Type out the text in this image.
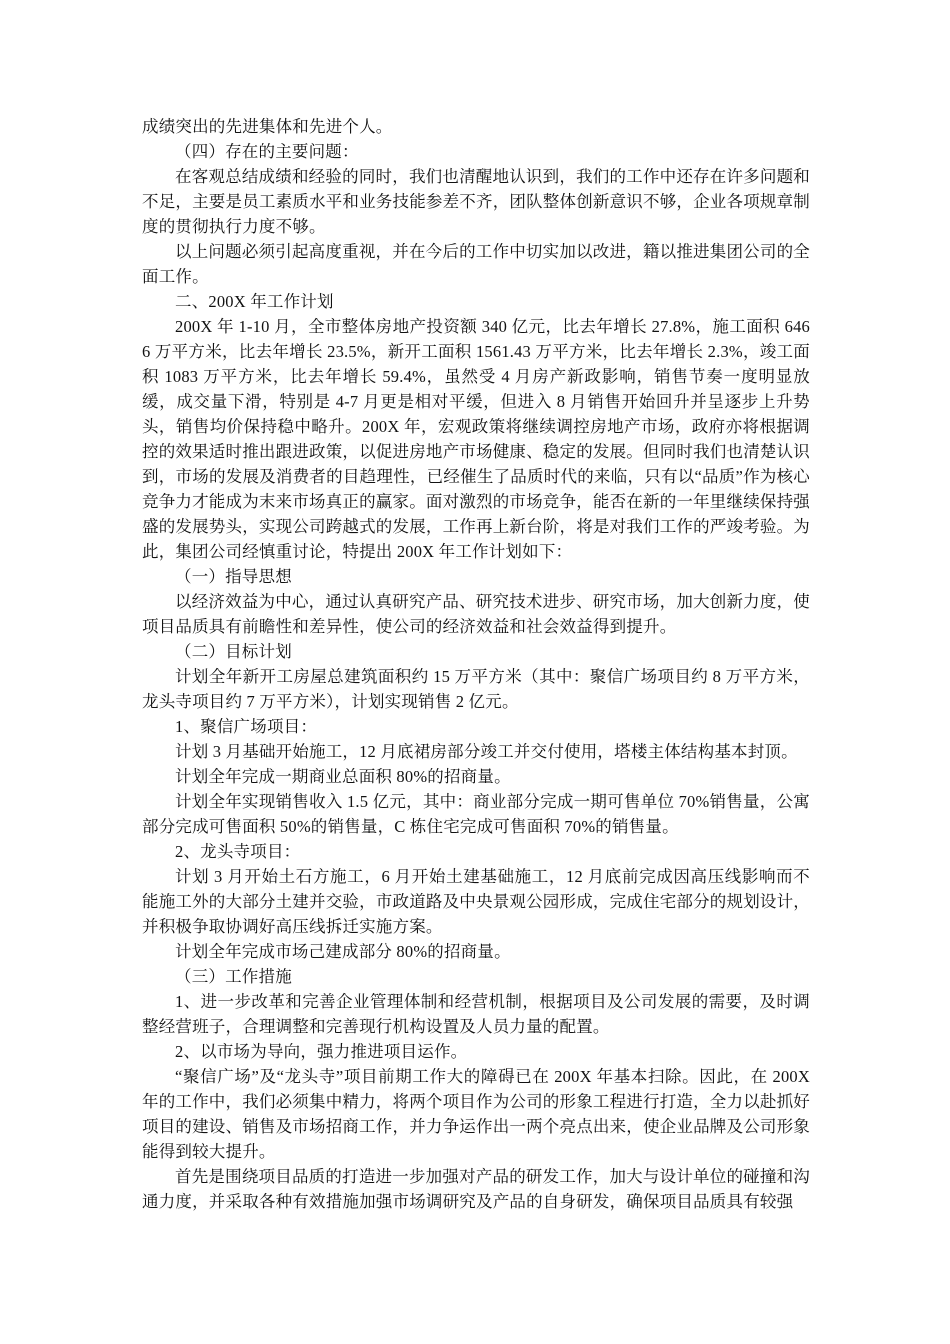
成绩突出的先进集体和先进个人。

（四）存在的主要问题：

在客观总结成绩和经验的同时，我们也清醒地认识到，我们的工作中还存在许多问题和不足，主要是员工素质水平和业务技能参差不齐，团队整体创新意识不够，企业各项规章制度的贯彻执行力度不够。

以上问题必须引起高度重视，并在今后的工作中切实加以改进，籍以推进集团公司的全面工作。

二、200X 年工作计划

200X 年 1-10 月，全市整体房地产投资额 340 亿元，比去年增长 27.8%，施工面积 6466 万平方米，比去年增长 23.5%，新开工面积 1561.43 万平方米，比去年增长 2.3%，竣工面积 1083 万平方米，比去年增长 59.4%，虽然受 4 月房产新政影响，销售节奏一度明显放缓，成交量下滑，特别是 4-7 月更是相对平缓，但进入 8 月销售开始回升并呈逐步上升势头，销售均价保持稳中略升。200X 年，宏观政策将继续调控房地产市场，政府亦将根据调控的效果适时推出跟进政策，以促进房地产市场健康、稳定的发展。但同时我们也清楚认识到，市场的发展及消费者的目趋理性，已经催生了品质时代的来临，只有以“品质”作为核心竞争力才能成为末来市场真正的赢家。面对激烈的市场竞争，能否在新的一年里继续保持强盛的发展势头，实现公司跨越式的发展，工作再上新台阶，将是对我们工作的严竣考验。为此，集团公司经慎重讨论，特提出 200X 年工作计划如下：

（一）指导思想

以经济效益为中心，通过认真研究产品、研究技术进步、研究市场，加大创新力度，使项目品质具有前瞻性和差异性，使公司的经济效益和社会效益得到提升。

（二）目标计划

计划全年新开工房屋总建筑面积约 15 万平方米（其中：聚信广场项目约 8 万平方米，龙头寺项目约 7 万平方米），计划实现销售 2 亿元。

1、聚信广场项目：

计划 3 月基础开始施工，12 月底裙房部分竣工并交付使用，塔楼主体结构基本封顶。

计划全年完成一期商业总面积 80%的招商量。

计划全年实现销售收入 1.5 亿元，其中：商业部分完成一期可售单位 70%销售量，公寓部分完成可售面积 50%的销售量，C 栋住宅完成可售面积 70%的销售量。

2、龙头寺项目：

计划 3 月开始土石方施工，6 月开始土建基础施工，12 月底前完成因高压线影响而不能施工外的大部分土建并交验，市政道路及中央景观公园形成，完成住宅部分的规划设计，并积极争取协调好高压线拆迁实施方案。

计划全年完成市场己建成部分 80%的招商量。

（三）工作措施

1、进一步改革和完善企业管理体制和经营机制，根据项目及公司发展的需要，及时调整经营班子，合理调整和完善现行机构设置及人员力量的配置。

2、以市场为导向，强力推进项目运作。

“聚信广场”及“龙头寺”项目前期工作大的障碍已在 200X 年基本扫除。因此，在 200X 年的工作中，我们必须集中精力，将两个项目作为公司的形象工程进行打造，全力以赴抓好项目的建设、销售及市场招商工作，并力争运作出一两个亮点出来，使企业品牌及公司形象能得到较大提升。

首先是围绕项目品质的打造进一步加强对产品的研发工作，加大与设计单位的碰撞和沟通力度，并采取各种有效措施加强市场调研究及产品的自身研发，确保项目品质具有较强
